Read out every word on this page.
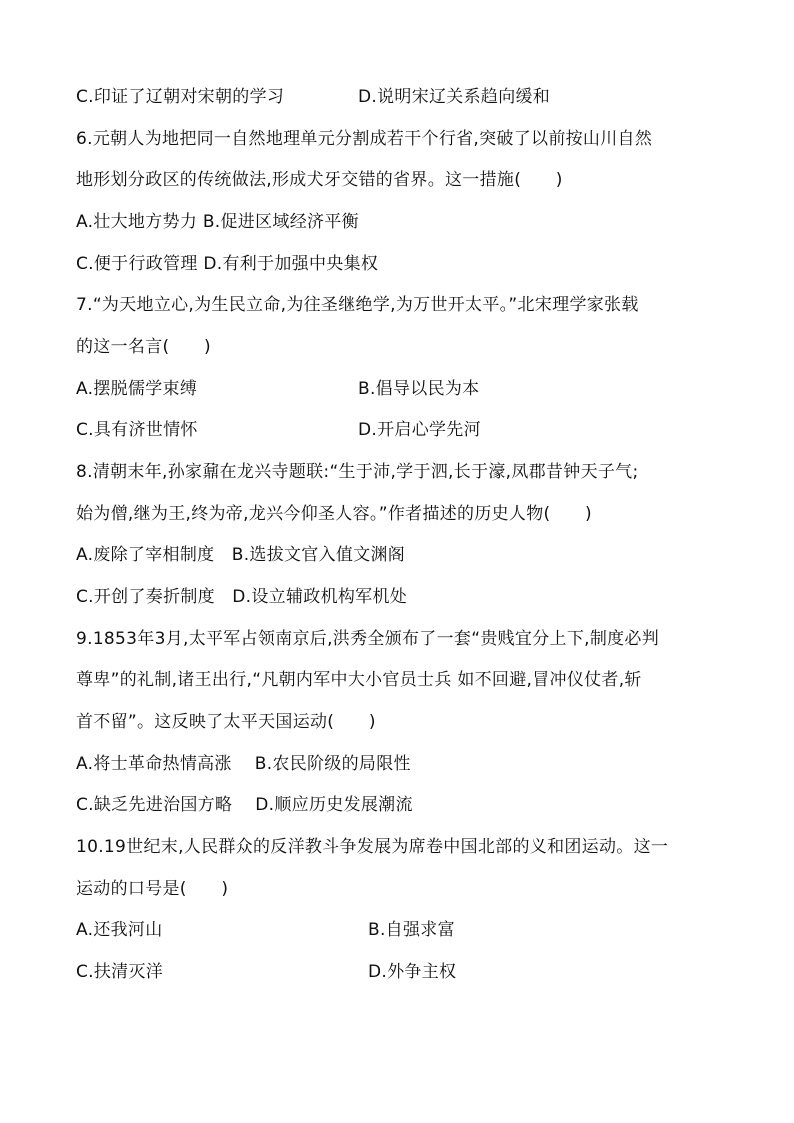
C.印证了辽朝对宋朝的学习	D.说明宋辽关系趋向缓和
6.元朝人为地把同一自然地理单元分割成若干个行省,突破了以前按山川自然
地形划分政区的传统做法,形成犬牙交错的省界。这一措施(　　)
A.壮大地方势力 B.促进区域经济平衡
C.便于行政管理 D.有利于加强中央集权
7.“为天地立心,为生民立命,为往圣继绝学,为万世开太平。”北宋理学家张载
的这一名言(　　)
A.摆脱儒学束缚	B.倡导以民为本
C.具有济世情怀	D.开启心学先河
8.清朝末年,孙家鼐在龙兴寺题联:“生于沛,学于泗,长于濠,凤郡昔钟天子气;
始为僧,继为王,终为帝,龙兴今仰圣人容。”作者描述的历史人物(　　)
A.废除了宰相制度　B.选拔文官入值文渊阁
C.开创了奏折制度　D.设立辅政机构军机处
9.1853年3月,太平军占领南京后,洪秀全颁布了一套“贵贱宜分上下,制度必判
尊卑”的礼制,诸王出行,“凡朝内军中大小官员士兵 如不回避,冒冲仪仗者,斩
首不留”。这反映了太平天国运动(　　)
A.将士革命热情高涨　 B.农民阶级的局限性
C.缺乏先进治国方略　 D.顺应历史发展潮流
10.19世纪末,人民群众的反洋教斗争发展为席卷中国北部的义和团运动。这一
运动的口号是(　　)
A.还我河山	B.自强求富
C.扶清灭洋	D.外争主权
